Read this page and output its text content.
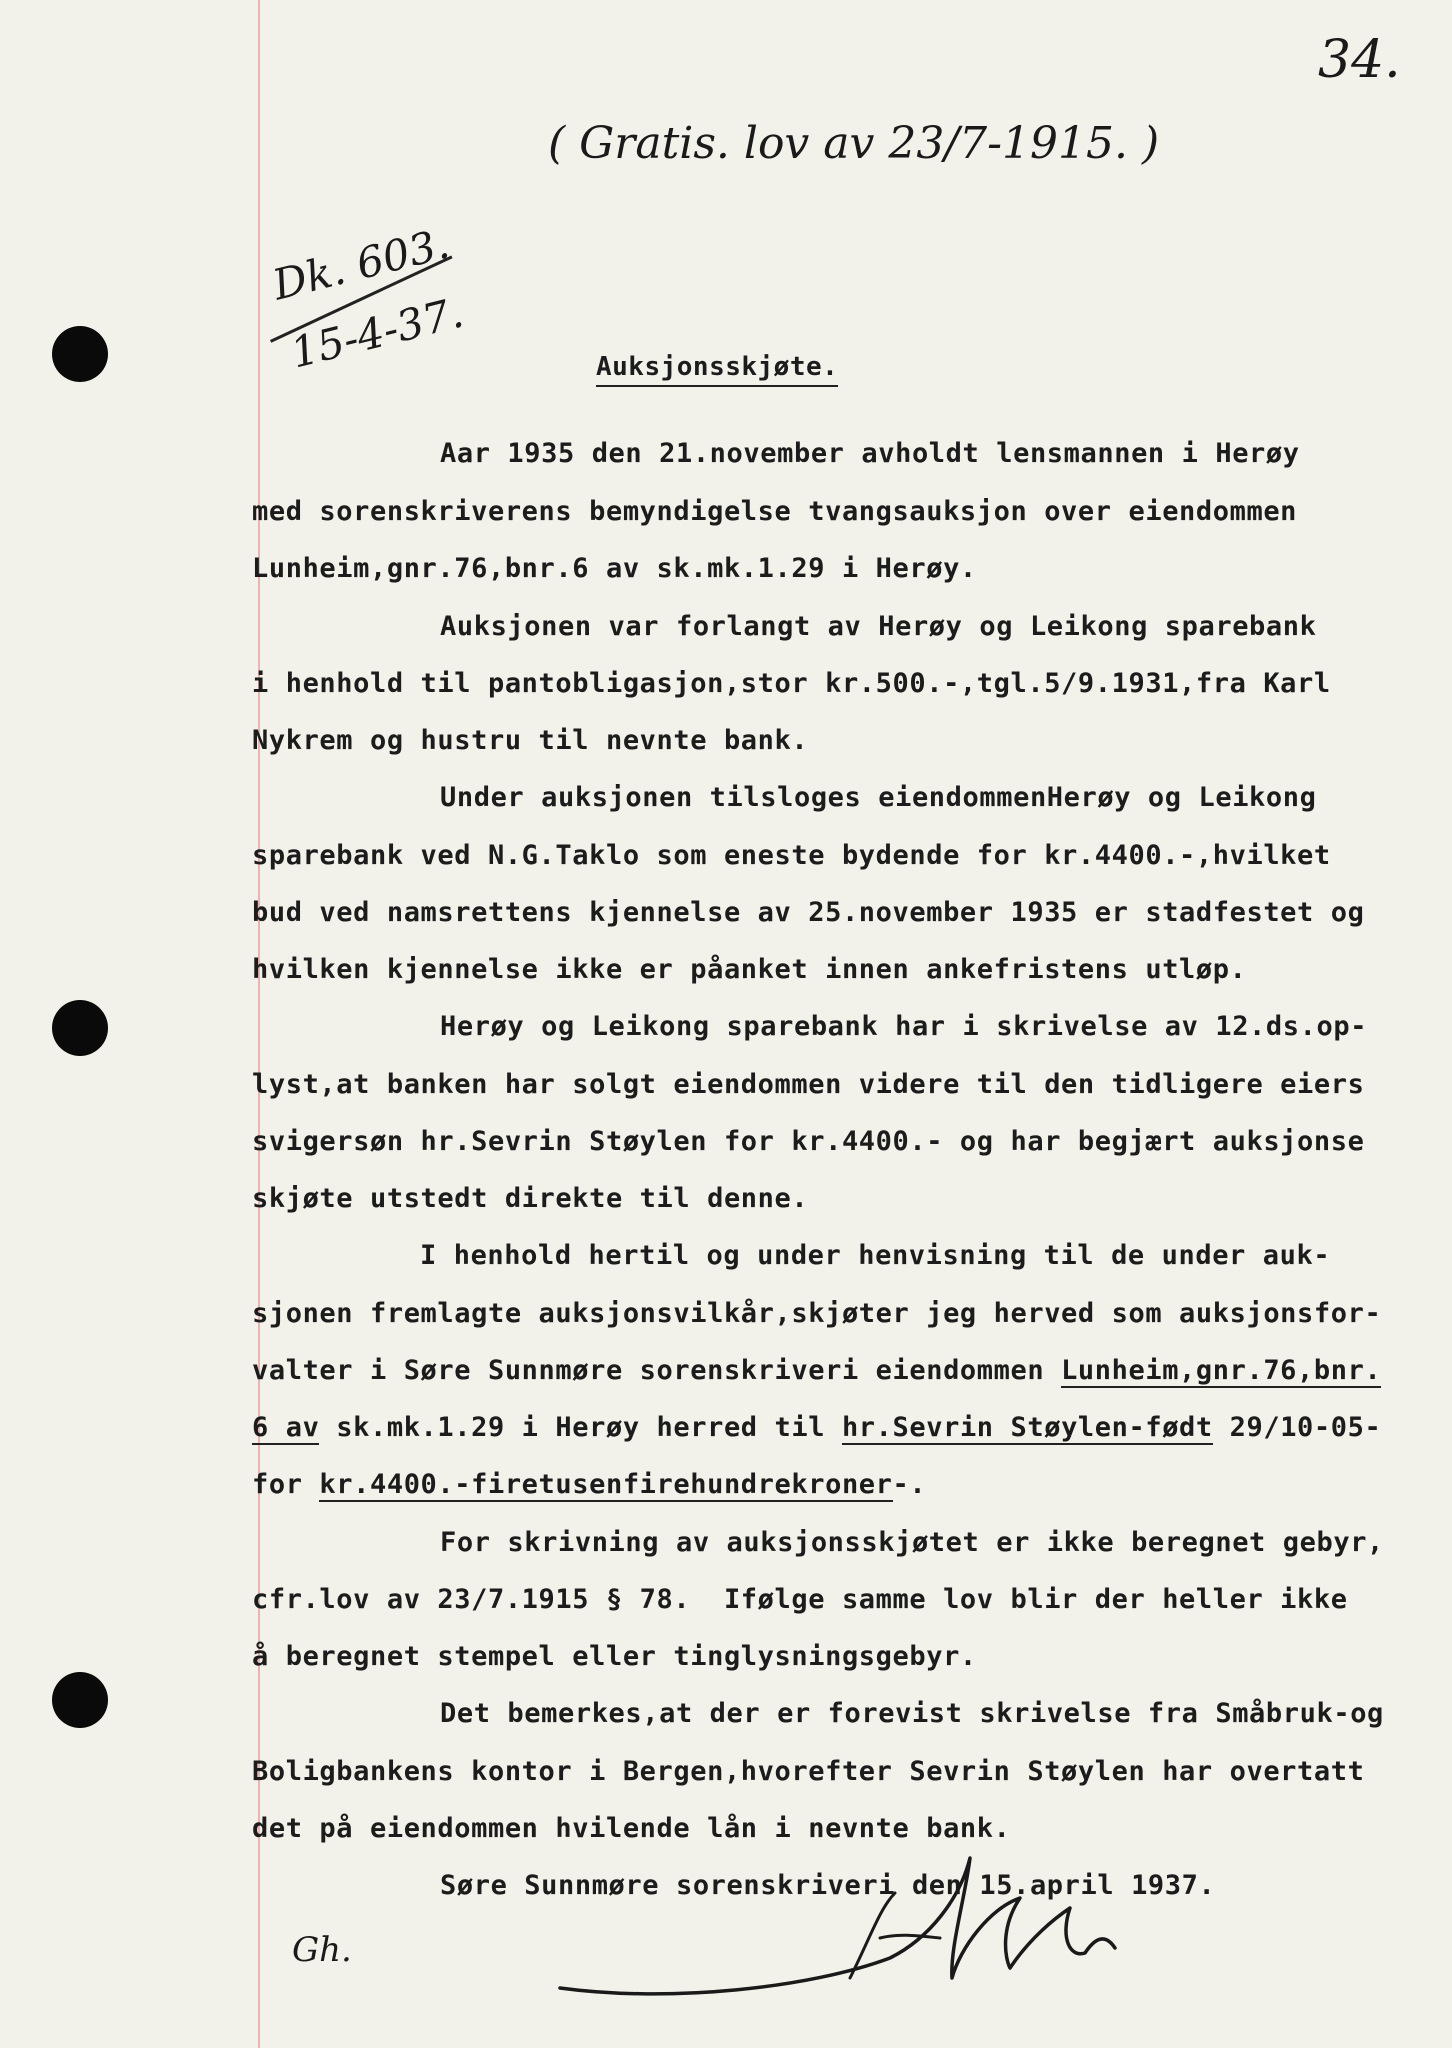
34.
( Gratis. lov av 23/7-1915. )
Dk. 603.
15-4-37.	Auksjonsskjøte.
Aar 1935 den 21.november avholdt lensmannen i Herøy
med sorenskriverens bemyndigelse tvangsauksjon over eiendommen
Lunheim,gnr.76,bnr.6 av sk.mk.1.29 i Herøy.
Auksjonen var forlangt av Herøy og Leikong sparebank
i henhold til pantobligasjon,stor kr.500.-,tgl.5/9.1931,fra Karl
Nykrem og hustru til nevnte bank.
Under auksjonen tilsloges eiendommenHerøy og Leikong
sparebank ved N.G.Taklo som eneste bydende for kr.4400.-,hvilket
bud ved namsrettens kjennelse av 25.november 1935 er stadfestet og
hvilken kjennelse ikke er påanket innen ankefristens utløp.
Herøy og Leikong sparebank har i skrivelse av 12.ds.op-
lyst,at banken har solgt eiendommen videre til den tidligere eiers
svigersøn hr.Sevrin Støylen for kr.4400.- og har begjært auksjonse
skjøte utstedt direkte til denne.
I henhold hertil og under henvisning til de under auk-
sjonen fremlagte auksjonsvilkår,skjøter jeg herved som auksjonsfor-
valter i Søre Sunnmøre sorenskriveri eiendommen Lunheim,gnr.76,bnr.
6 av sk.mk.1.29 i Herøy herred til hr.Sevrin Støylen-født 29/10-05-
for kr.4400.-firetusenfirehundrekroner-.
For skrivning av auksjonsskjøtet er ikke beregnet gebyr,
cfr.lov av 23/7.1915 § 78.  Ifølge samme lov blir der heller ikke
å beregnet stempel eller tinglysningsgebyr.
Det bemerkes,at der er forevist skrivelse fra Småbruk-og
Boligbankens kontor i Bergen,hvorefter Sevrin Støylen har overtatt
det på eiendommen hvilende lån i nevnte bank.
Søre Sunnmøre sorenskriveri den 15.april 1937.
Gh.
